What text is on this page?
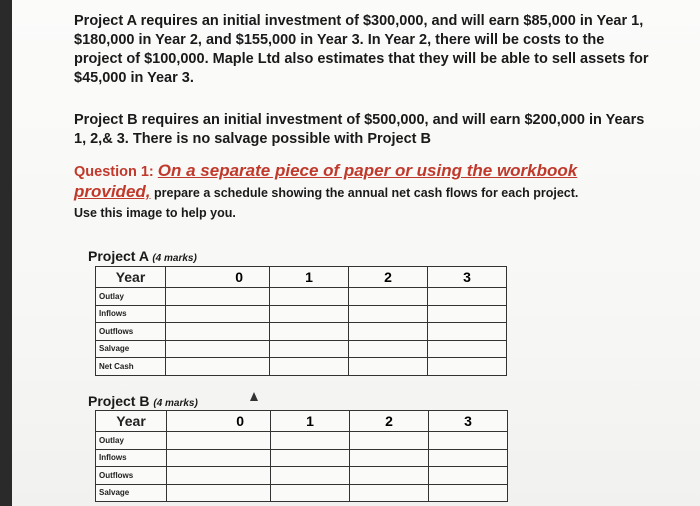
Project A requires an initial investment of $300,000, and will earn $85,000 in Year 1, $180,000 in Year 2, and $155,000 in Year 3. In Year 2, there will be costs to the project of $100,000. Maple Ltd also estimates that they will be able to sell assets for $45,000 in Year 3.
Project B requires an initial investment of $500,000, and will earn $200,000 in Years 1, 2,& 3. There is no salvage possible with Project B
Question 1: On a separate piece of paper or using the workbook provided, prepare a schedule showing the annual net cash flows for each project.
Use this image to help you.
Project A (4 marks)
Year	0	1	2	3
Outlay				
Inflows				
Outflows				
Salvage				
Net Cash				
Project B (4 marks)
Year	0	1	2	3
Outlay				
Inflows				
Outflows				
Salvage				
